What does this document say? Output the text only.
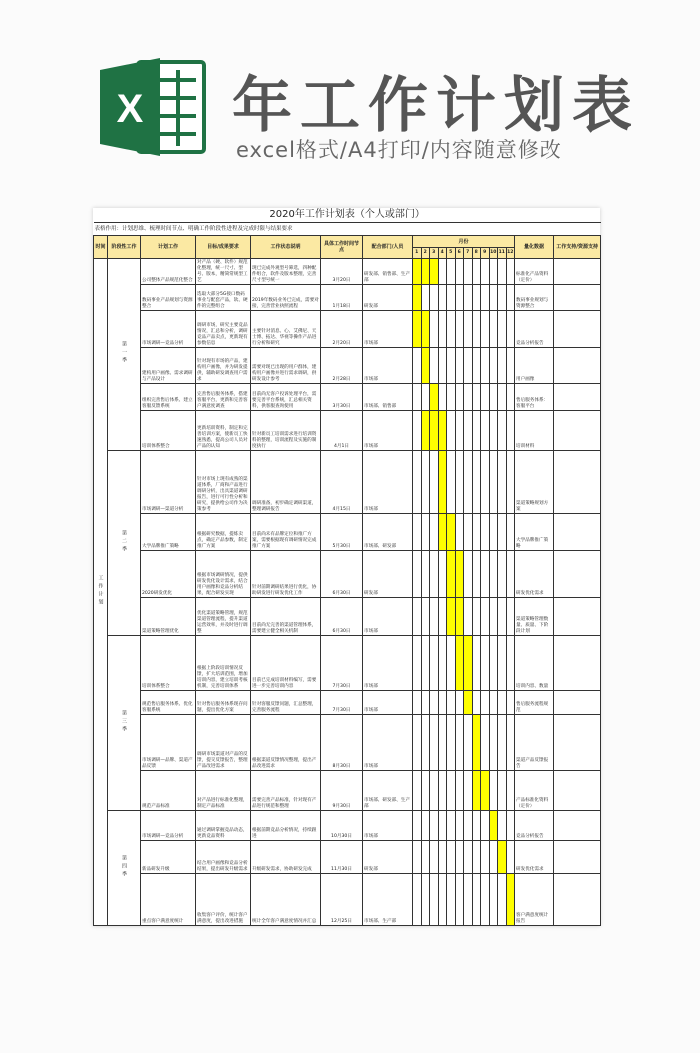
X 年工作计划表
excel格式/A4打印/内容随意修改
2020年工作计划表（个人或部门）																				
表格作用：计划思维、梳理时间节点、明确工作阶段性进程及完成时限与结果要求																				
时间	阶段性工作	计划工作	目标/成果要求	工作状态说明	具体工作时间节点	配合部门/人员	月份												量化数据	工作支持/资源支持
							1	2	3	4	5	6	7	8	9	10	11	12		
工作计划	第一季	公司整体产品规范化整合	对产品（硬、软件）规范化整理，统一尺寸、型号、版本，精简常规型工艺	现已完成外观型号筛选，四种配件组合，软件及版本整理，完善尺寸型号统一	3月20日	研发部、销售部、生产部													标准化产品资料（定价）	
		数码事业产品规划与资源整合	选取大部分5G接口数码事业与配套产品，软、硬件的完整组合	2019年数码业务已完成，需要对接，完善营业执照流程	1月18日	研发部													数码事业规划与资源整合	
		市场调研—竞品分析	调研市场，研究主要竞品情况，汇总和分析，调研竞品产品卖点，更新现有参数信息	主要针对消息、心、艾佛尼、天士博、拓达、华视等操作产品进行分析和研究	2月20日	市场部													竞品分析报告	
		建构用户画像、需求调研与产品设计	针对现有市场的产品，建构用户画像，并为研发提供，辅助研发调查用户需求	需要对现已出现的用户群体，建构用户画像并进行需求调研，供研发设计参考	2月28日	市场部													用户画像	
		组织完善售后体系、建立客服反馈系统	完善售后服务体系，搭建客服平台，更新和完善客户满意度调查	目前尚无客户投诉处理平台，需要完善平台系统，汇总相关资料，供客服查询使用	3月30日	市场部、销售部													售后服务体系：客服平台	
		培训体系整合	更新培训资料，制定和完善培训方案，使新员工快速熟悉，提高公司人员对产品的认知	针对新员工培训需求进行培训资料的整理，培训流程及实施的制度执行	4月1日	市场部													培训材料	
	第二季	市场调研—渠道分析	针对市场上现有成熟的渠道体系，厂商和产品进行调研分析，出具渠道调研报告，进行可行性分析和研究，提供给公司作为决策参考	调研准备，初步确定调研渠道，整理调研报告	4月15日	市场部													渠道策略规划方案	
		大学品牌推广策略	根据研究数据，提炼卖点，确定产品参数，制定推广方案	目前尚未有品牌定位和推广方案，需要根据现有调研情况完成推广方案	5月30日	市场部、研发部													大学品牌推广策略	
		2020研发优化	根据市场调研情况，提供研发优化设计需求，结合用户画像和竞品分析结果，配合研发实现	针对前期调研结果进行优化，协助研发进行研发优化工作	6月30日	研发部													研发优化需求	
		渠道策略管理优化	优化渠道策略管理，规范渠道管理流程，提升渠道运营效率，并及时进行调整	目前尚无完善的渠道管理体系，需要建立健全相关机制	6月30日	市场部													渠道策略管理数量、质量、下阶段计划	
	第三季	培训体系整合	根据上阶段培训情况反馈，扩大培训范围，增加培训内容，建立培训考核机制，完善培训体系	目前已完成培训材料编写，需要进一步完善培训内容	7月30日	市场部													培训内容、数量	
		规范售后服务体系、优化客服系统	针对售后服务体系现存问题，提出优化方案	针对客服反馈问题，汇总整理，完善服务流程	7月30日	市场部													售后服务流程规范	
		市场调研—品牌、渠道产品反馈	调研市场渠道对产品的反馈，提交反馈报告，整理产品改进需求	根据渠道反馈情况整理，提出产品改进需求	8月30日	市场部													渠道产品反馈报告	
		规范产品标准	对产品进行标准化整理，制定产品标准	需要完善产品标准，针对现有产品进行规范和整理	9月30日	市场部、研发部、生产部													产品标准化资料（定价）	
	第四季	市场调研—竞品分析	通过调研掌握竞品动态，更新竞品资料	根据前期竞品分析情况，持续跟进	10月30日	市场部													竞品分析报告	
		新品研发升级	结合用户画像和竞品分析结果，提出研发升级需求	升级研发需求，协助研发完成	11月30日	研发部													研发优化需求	
		重点客户满意度统计	收集客户评价，统计客户满意度，提出改进措施	统计全年客户满意度情况并汇总	12月25日	市场部、生产部													客户满意度统计报告	
